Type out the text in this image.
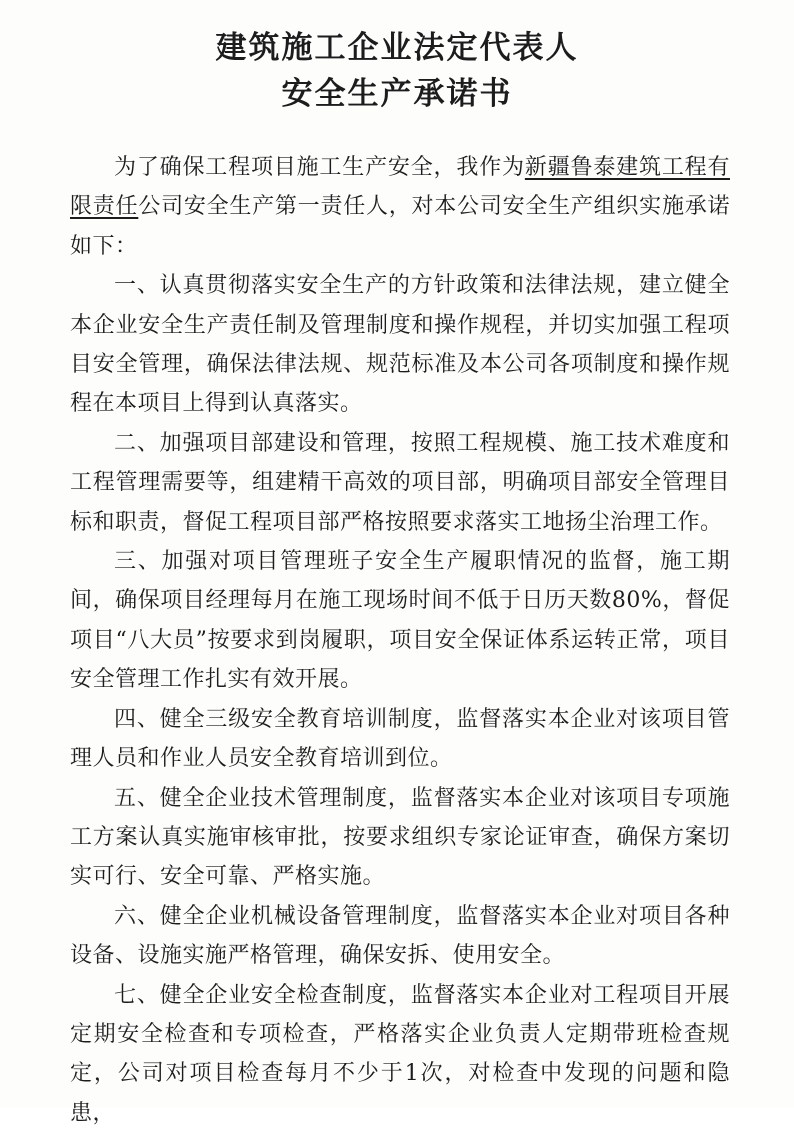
建筑施工企业法定代表人
安全生产承诺书

为了确保工程项目施工生产安全，我作为新疆鲁泰建筑工程有限责任公司安全生产第一责任人，对本公司安全生产组织实施承诺如下：

一、认真贯彻落实安全生产的方针政策和法律法规，建立健全本企业安全生产责任制及管理制度和操作规程，并切实加强工程项目安全管理，确保法律法规、规范标准及本公司各项制度和操作规程在本项目上得到认真落实。

二、加强项目部建设和管理，按照工程规模、施工技术难度和工程管理需要等，组建精干高效的项目部，明确项目部安全管理目标和职责，督促工程项目部严格按照要求落实工地扬尘治理工作。

三、加强对项目管理班子安全生产履职情况的监督，施工期间，确保项目经理每月在施工现场时间不低于日历天数80%，督促项目“八大员”按要求到岗履职，项目安全保证体系运转正常，项目安全管理工作扎实有效开展。

四、健全三级安全教育培训制度，监督落实本企业对该项目管理人员和作业人员安全教育培训到位。

五、健全企业技术管理制度，监督落实本企业对该项目专项施工方案认真实施审核审批，按要求组织专家论证审查，确保方案切实可行、安全可靠、严格实施。

六、健全企业机械设备管理制度，监督落实本企业对项目各种设备、设施实施严格管理，确保安拆、使用安全。

七、健全企业安全检查制度，监督落实本企业对工程项目开展定期安全检查和专项检查，严格落实企业负责人定期带班检查规定，公司对项目检查每月不少于1次，对检查中发现的问题和隐患，
